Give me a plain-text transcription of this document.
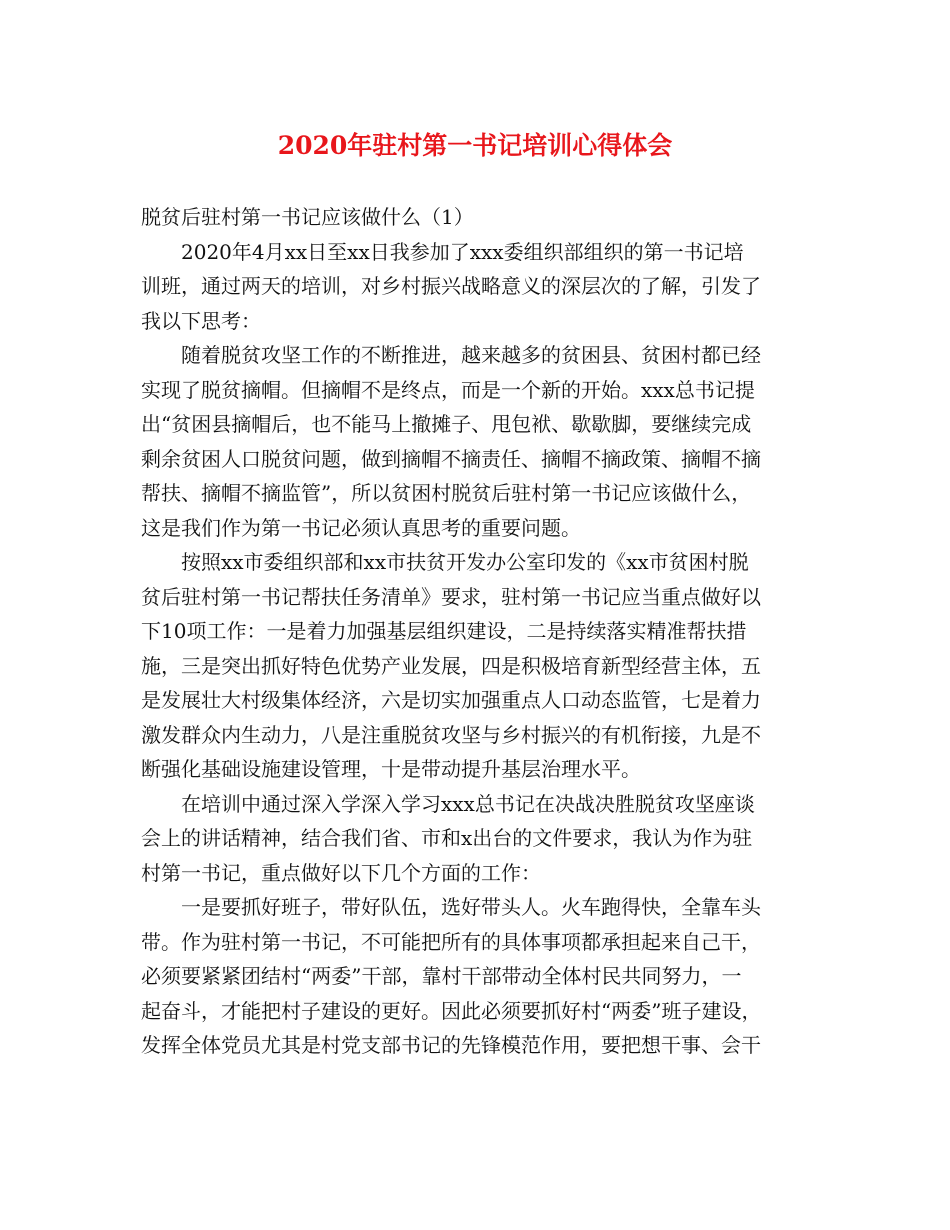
2020年驻村第一书记培训心得体会
脱贫后驻村第一书记应该做什么（1）
2020年4月xx日至xx日我参加了xxx委组织部组织的第一书记培
训班，通过两天的培训，对乡村振兴战略意义的深层次的了解，引发了
我以下思考：
随着脱贫攻坚工作的不断推进，越来越多的贫困县、贫困村都已经
实现了脱贫摘帽。但摘帽不是终点，而是一个新的开始。xxx总书记提
出“贫困县摘帽后，也不能马上撤摊子、甩包袱、歇歇脚，要继续完成
剩余贫困人口脱贫问题，做到摘帽不摘责任、摘帽不摘政策、摘帽不摘
帮扶、摘帽不摘监管”，所以贫困村脱贫后驻村第一书记应该做什么，
这是我们作为第一书记必须认真思考的重要问题。
按照xx市委组织部和xx市扶贫开发办公室印发的《xx市贫困村脱
贫后驻村第一书记帮扶任务清单》要求，驻村第一书记应当重点做好以
下10项工作：一是着力加强基层组织建设，二是持续落实精准帮扶措
施，三是突出抓好特色优势产业发展，四是积极培育新型经营主体，五
是发展壮大村级集体经济，六是切实加强重点人口动态监管，七是着力
激发群众内生动力，八是注重脱贫攻坚与乡村振兴的有机衔接，九是不
断强化基础设施建设管理，十是带动提升基层治理水平。
在培训中通过深入学深入学习xxx总书记在决战决胜脱贫攻坚座谈
会上的讲话精神，结合我们省、市和x出台的文件要求，我认为作为驻
村第一书记，重点做好以下几个方面的工作：
一是要抓好班子，带好队伍，选好带头人。火车跑得快，全靠车头
带。作为驻村第一书记，不可能把所有的具体事项都承担起来自己干，
必须要紧紧团结村“两委”干部，靠村干部带动全体村民共同努力，一
起奋斗，才能把村子建设的更好。因此必须要抓好村“两委”班子建设，
发挥全体党员尤其是村党支部书记的先锋模范作用，要把想干事、会干
